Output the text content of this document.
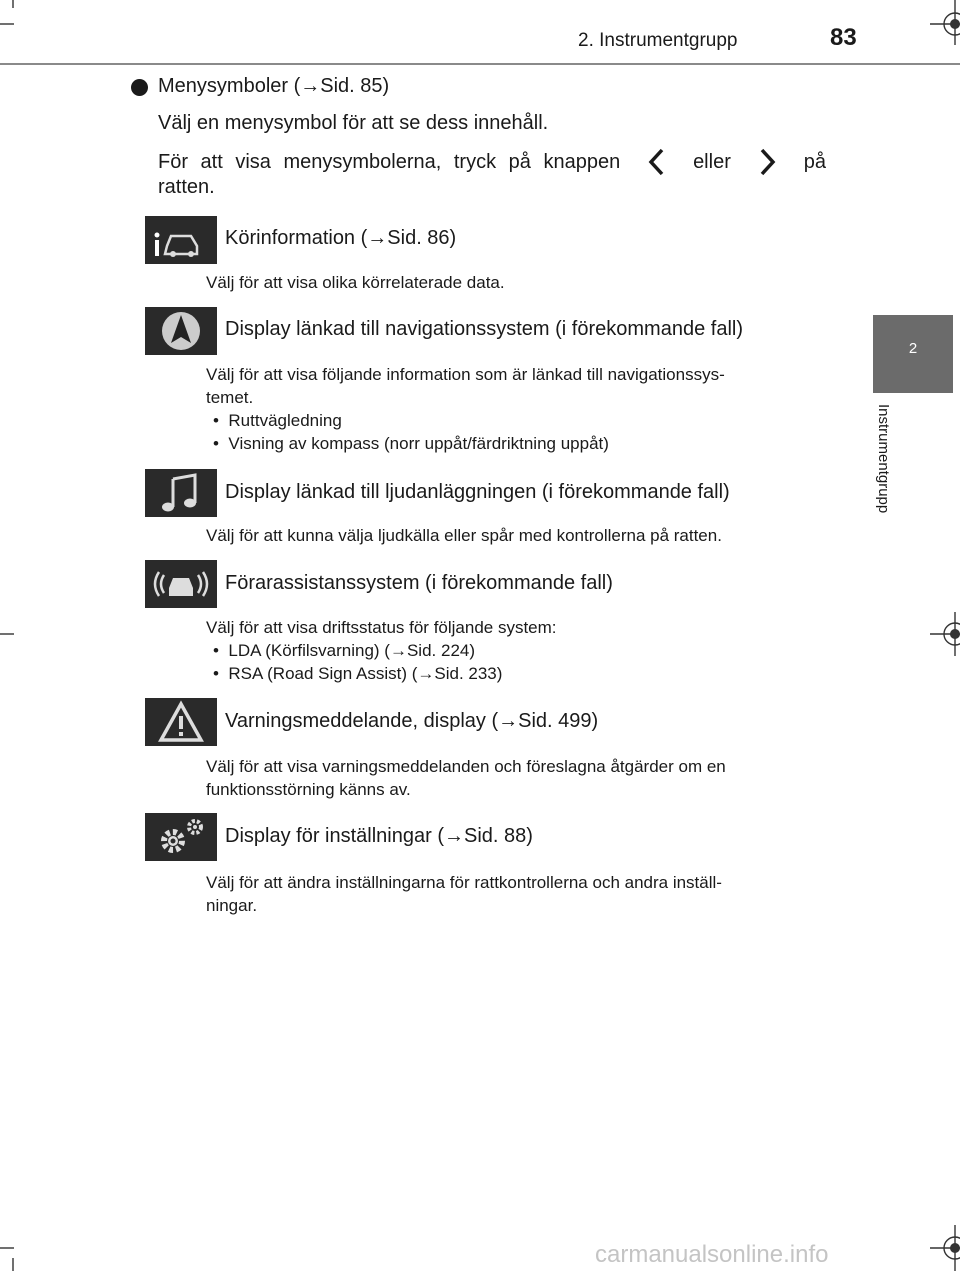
2. Instrumentgrupp	83
2
Instrumentgrupp
Menysymboler (→Sid. 85)
Välj en menysymbol för att se dess innehåll.
För att visa menysymbolerna, tryck på knappen	eller	på
ratten.
Körinformation (→Sid. 86)
Välj för att visa olika körrelaterade data.
Display länkad till navigationssystem (i förekommande fall)
Välj för att visa följande information som är länkad till navigationssys-
temet.
•  Ruttvägledning
•  Visning av kompass (norr uppåt/färdriktning uppåt)
Display länkad till ljudanläggningen (i förekommande fall)
Välj för att kunna välja ljudkälla eller spår med kontrollerna på ratten.
Förarassistanssystem (i förekommande fall)
Välj för att visa driftsstatus för följande system:
•  LDA (Körfilsvarning) (→Sid. 224)
•  RSA (Road Sign Assist) (→Sid. 233)
Varningsmeddelande, display (→Sid. 499)
Välj för att visa varningsmeddelanden och föreslagna åtgärder om en
funktionsstörning känns av.
Display för inställningar (→Sid. 88)
Välj för att ändra inställningarna för rattkontrollerna och andra inställ-
ningar.
carmanualsonline.info
